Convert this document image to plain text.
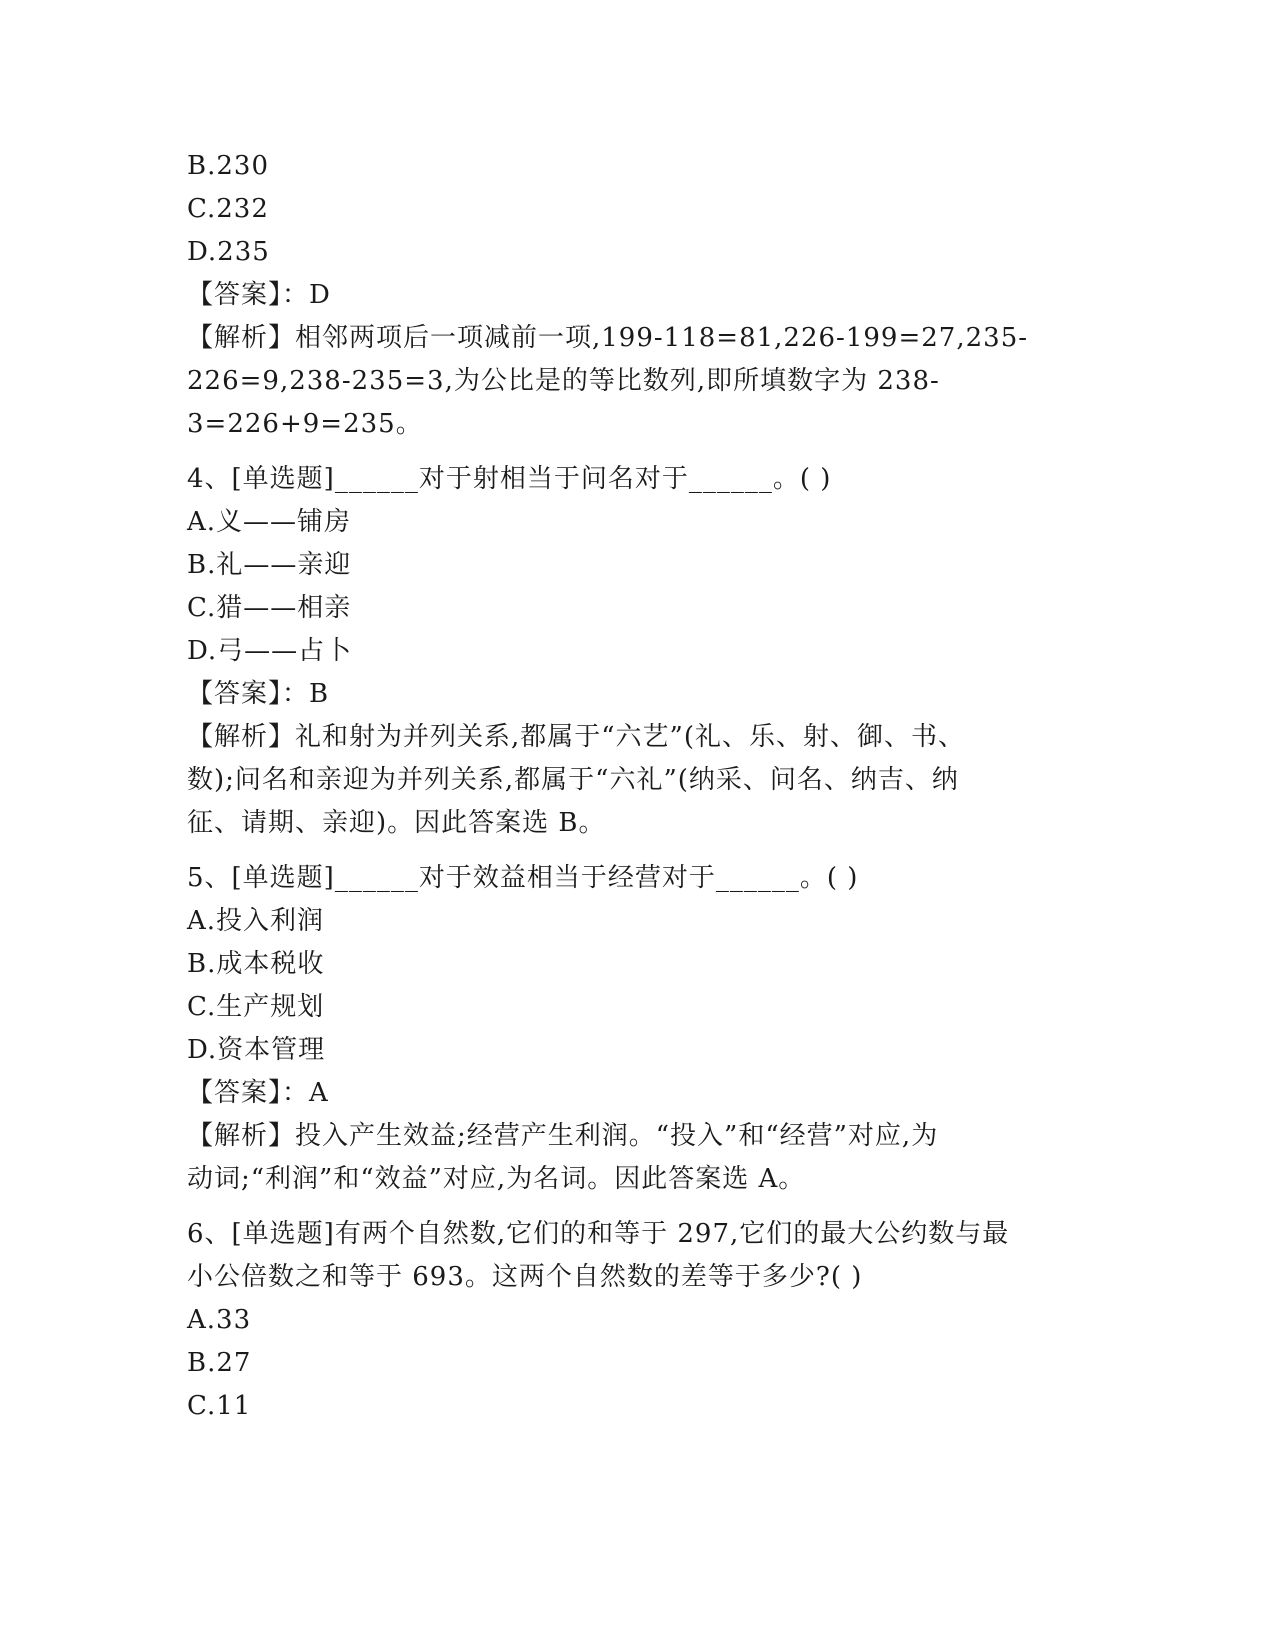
B.230
C.232
D.235
【答案】：D
【解析】相邻两项后一项减前一项,199-118=81,226-199=27,235-
226=9,238-235=3,为公比是的等比数列,即所填数字为 238-
3=226+9=235。
4、[单选题]______对于射相当于问名对于______。( )
A.义——铺房
B.礼——亲迎
C.猎——相亲
D.弓——占卜
【答案】：B
【解析】礼和射为并列关系,都属于“六艺”(礼、乐、射、御、书、
数);问名和亲迎为并列关系,都属于“六礼”(纳采、问名、纳吉、纳
征、请期、亲迎)。因此答案选 B。
5、[单选题]______对于效益相当于经营对于______。( )
A.投入利润
B.成本税收
C.生产规划
D.资本管理
【答案】：A
【解析】投入产生效益;经营产生利润。“投入”和“经营”对应,为
动词;“利润”和“效益”对应,为名词。因此答案选 A。
6、[单选题]有两个自然数,它们的和等于 297,它们的最大公约数与最
小公倍数之和等于 693。这两个自然数的差等于多少?( )
A.33
B.27
C.11
